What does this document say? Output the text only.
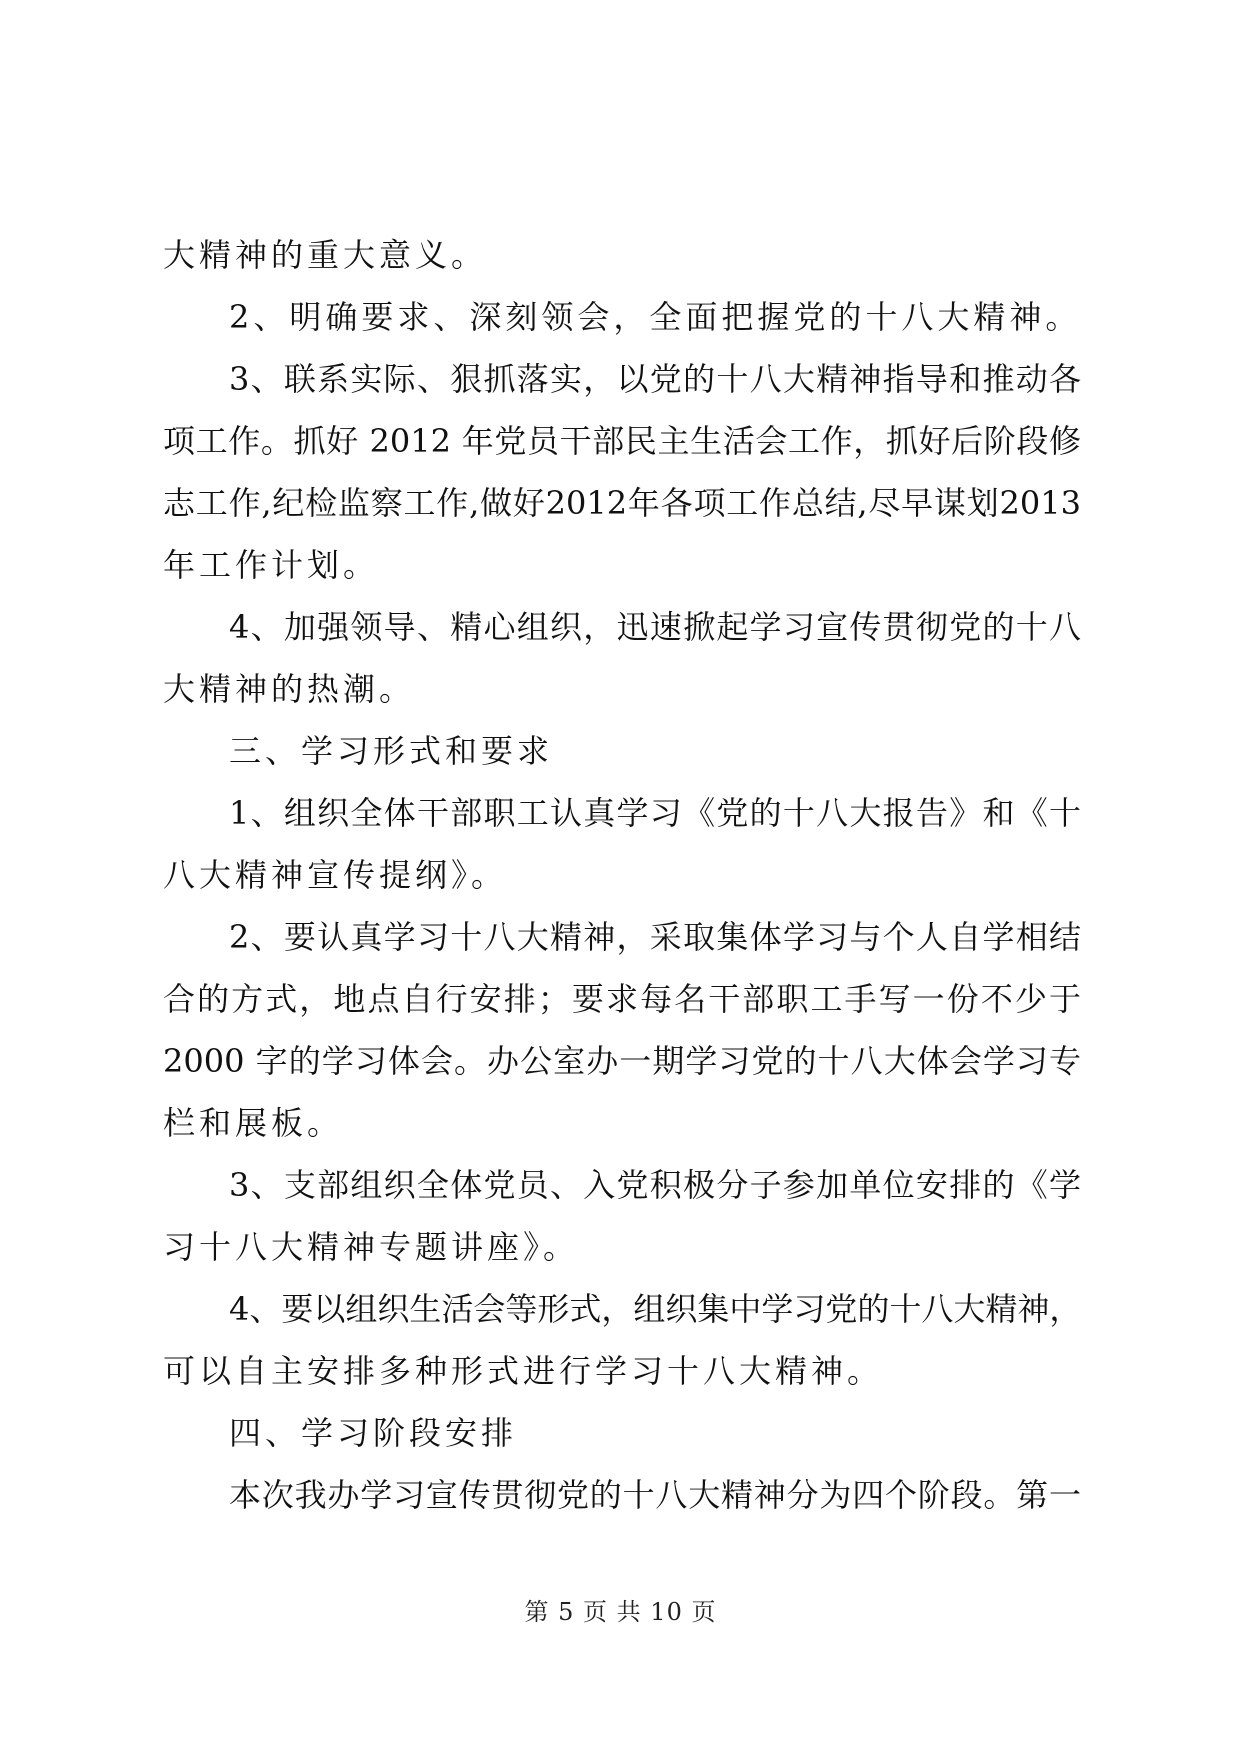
大精神的重大意义。
2、明确要求、深刻领会，全面把握党的十八大精神。
3、联系实际、狠抓落实，以党的十八大精神指导和推动各
项工作。抓好 2012 年党员干部民主生活会工作，抓好后阶段修
志工作,纪检监察工作,做好2012年各项工作总结,尽早谋划2013
年工作计划。
4、加强领导、精心组织，迅速掀起学习宣传贯彻党的十八
大精神的热潮。
三、学习形式和要求
1、组织全体干部职工认真学习《党的十八大报告》和《十
八大精神宣传提纲》。
2、要认真学习十八大精神，采取集体学习与个人自学相结
合的方式，地点自行安排；要求每名干部职工手写一份不少于
2000 字的学习体会。办公室办一期学习党的十八大体会学习专
栏和展板。
3、支部组织全体党员、入党积极分子参加单位安排的《学
习十八大精神专题讲座》。
4、要以组织生活会等形式，组织集中学习党的十八大精神，
可以自主安排多种形式进行学习十八大精神。
四、学习阶段安排
本次我办学习宣传贯彻党的十八大精神分为四个阶段。第一
第 5 页 共 10 页
